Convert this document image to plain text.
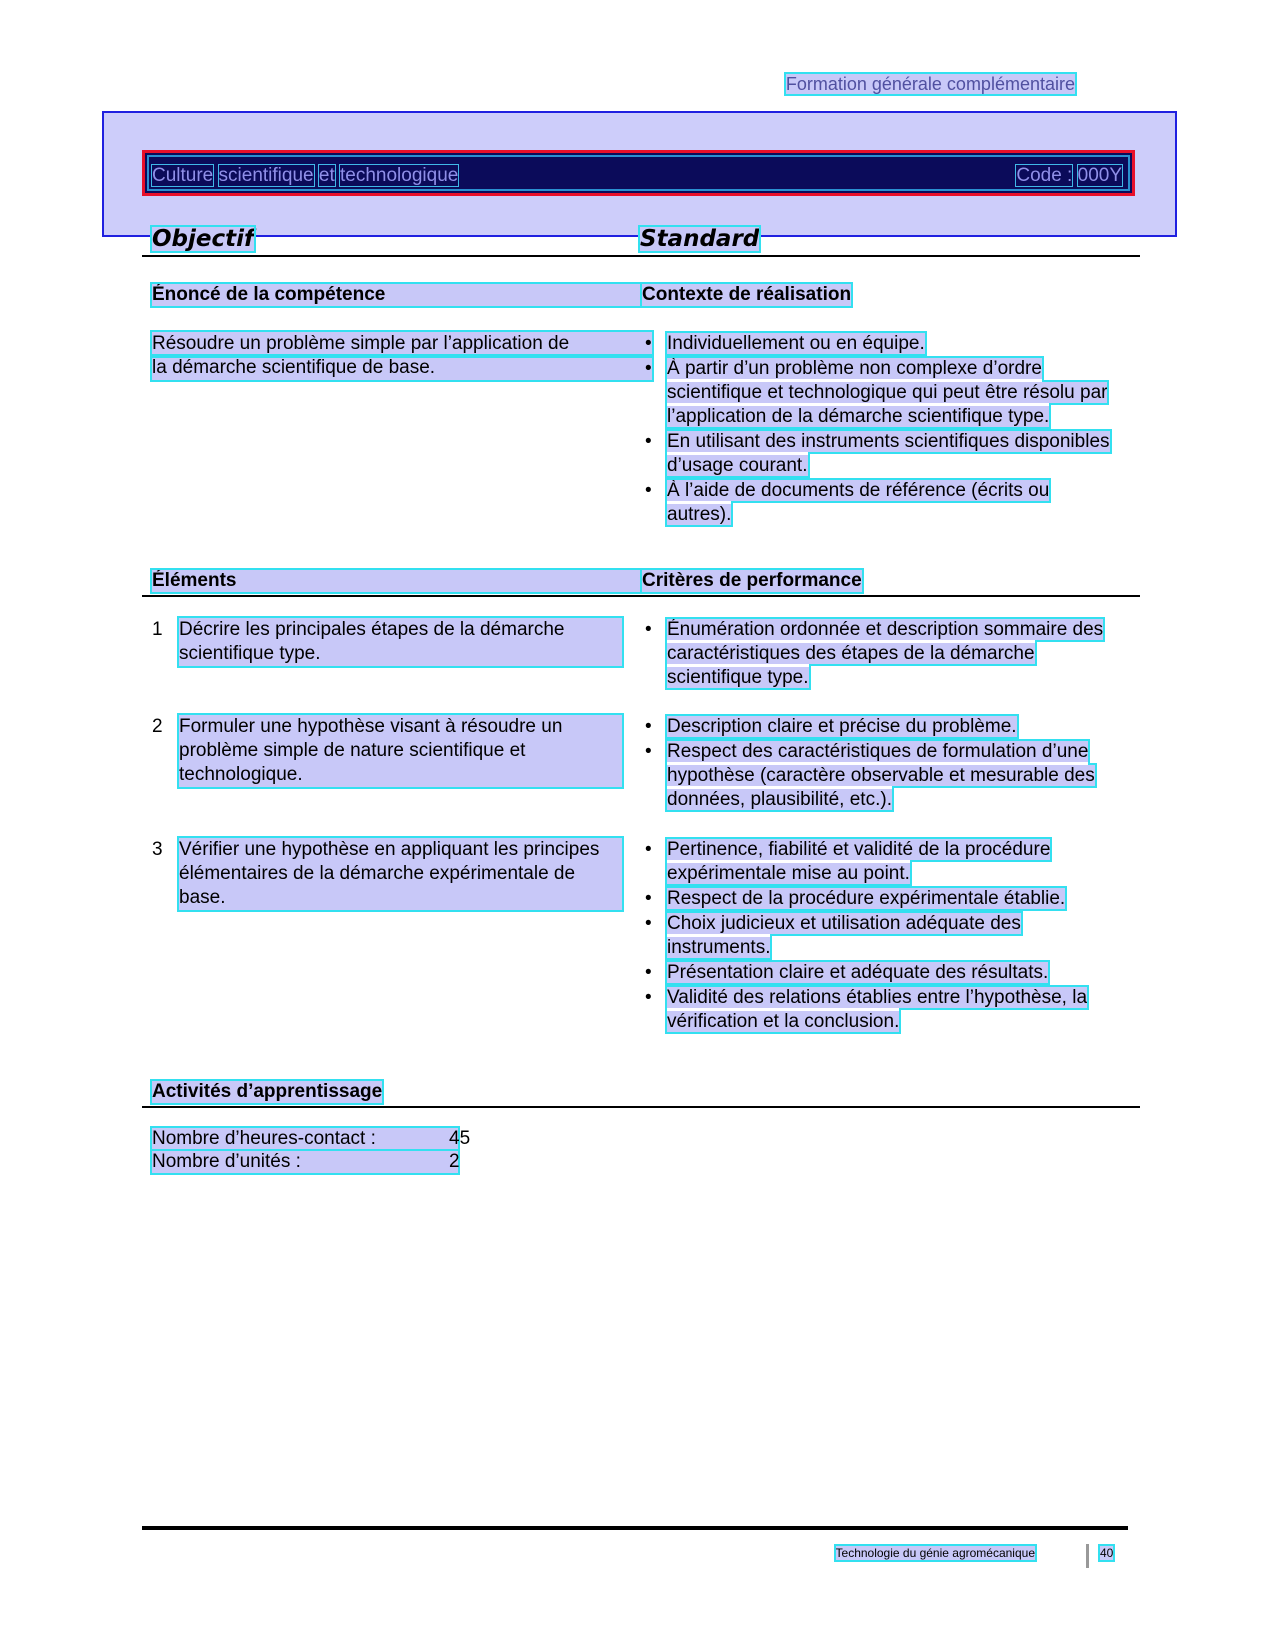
Formation générale complémentaire
Culture scientifique et technologique	Code : 000Y
Objectif	Standard
Énoncé de la compétence	Contexte de réalisation
Résoudre un problème simple par l’application de
la démarche scientifique de base.
• Individuellement ou en équipe.
• À partir d’un problème non complexe d’ordre scientifique et technologique qui peut être résolu par l’application de la démarche scientifique type.
• En utilisant des instruments scientifiques disponibles d’usage courant.
• À l’aide de documents de référence (écrits ou autres).
Éléments	Critères de performance
1 Décrire les principales étapes de la démarche scientifique type.
• Énumération ordonnée et description sommaire des caractéristiques des étapes de la démarche scientifique type.
2 Formuler une hypothèse visant à résoudre un problème simple de nature scientifique et technologique.
• Description claire et précise du problème.
• Respect des caractéristiques de formulation d’une hypothèse (caractère observable et mesurable des données, plausibilité, etc.).
3 Vérifier une hypothèse en appliquant les principes élémentaires de la démarche expérimentale de base.
• Pertinence, fiabilité et validité de la procédure expérimentale mise au point.
• Respect de la procédure expérimentale établie.
• Choix judicieux et utilisation adéquate des instruments.
• Présentation claire et adéquate des résultats.
• Validité des relations établies entre l’hypothèse, la vérification et la conclusion.
Activités d’apprentissage
Nombre d’heures-contact :	45
Nombre d’unités :	2
Technologie du génie agromécanique	40
